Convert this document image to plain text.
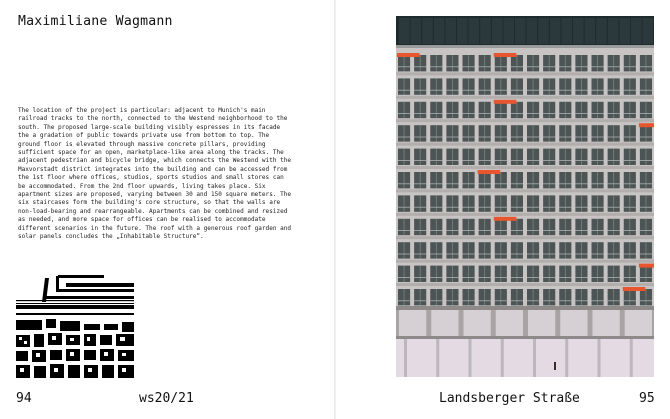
Maximiliane Wagmann
The location of the project is particular: adjacent to Munich's main railroad tracks to the north, connected to the Westend neighborhood to the south. The proposed large-scale building visibly espresses in its facade the a gradation of public towards private use from bottom to top. The ground floor is elevated through massive concrete pillars, providing sufficient space for an open, marketplace-like area along the tracks. The adjacent pedestrian and bicycle bridge, which connects the Westend with the Maxvorstadt district integrates into the building and can be accessed from the 1st floor where offices, studios, sports studios and small stores can be accommodated. From the 2nd floor upwards, living takes place. Six apartment sizes are proposed, varying between 30 and 150 square meters. The six staircases form the building's core structure, so that the walls are non-load-bearing and rearrangeable. Apartments can be combined and resized as needed, and more space for offices can be realised to accommodate different scenarios in the future. The roof with a generous roof garden and solar panels concludes the „Inhabitable Structure“.
94	ws20/21	Landsberger Straße	95
